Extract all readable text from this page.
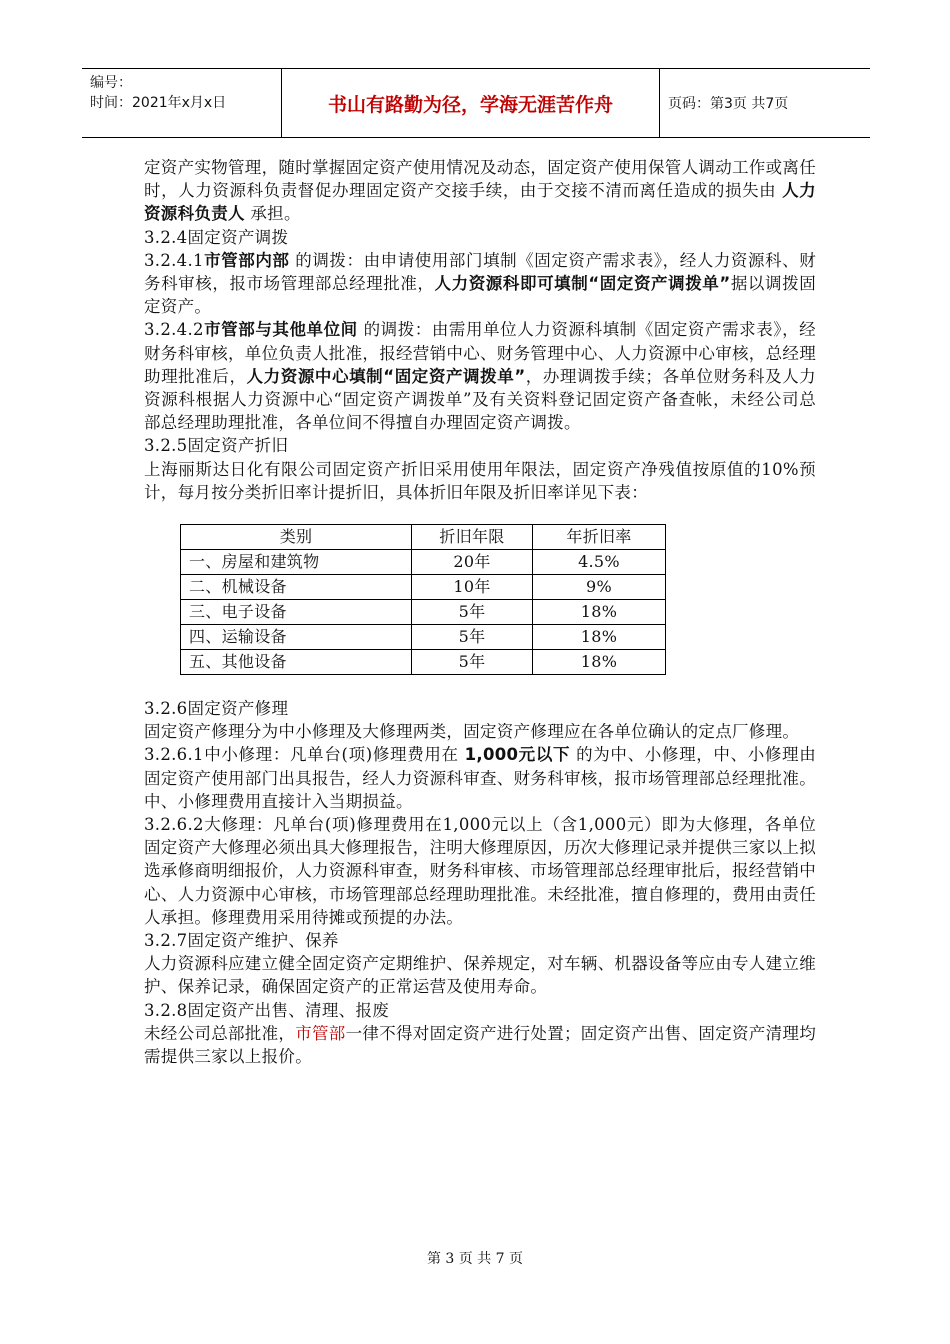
编号：
时间：2021年x月x日	书山有路勤为径，学海无涯苦作舟	页码：第3页 共7页

定资产实物管理，随时掌握固定资产使用情况及动态，固定资产使用保管人调动工作或离任时，人力资源科负责督促办理固定资产交接手续，由于交接不清而离任造成的损失由 人力资源科负责人 承担。

3.2.4固定资产调拨

3.2.4.1市管部内部 的调拨：由申请使用部门填制《固定资产需求表》，经人力资源科、财务科审核，报市场管理部总经理批准，人力资源科即可填制“固定资产调拨单”据以调拨固定资产。

3.2.4.2市管部与其他单位间 的调拨：由需用单位人力资源科填制《固定资产需求表》，经财务科审核，单位负责人批准，报经营销中心、财务管理中心、人力资源中心审核，总经理助理批准后，人力资源中心填制“固定资产调拨单”，办理调拨手续；各单位财务科及人力资源科根据人力资源中心“固定资产调拨单”及有关资料登记固定资产备查帐，未经公司总部总经理助理批准，各单位间不得擅自办理固定资产调拨。

3.2.5固定资产折旧

上海丽斯达日化有限公司固定资产折旧采用使用年限法，固定资产净残值按原值的10%预计，每月按分类折旧率计提折旧，具体折旧年限及折旧率详见下表：

类别	折旧年限	年折旧率
一、房屋和建筑物	20年	4.5%
二、机械设备	10年	9%
三、电子设备	5年	18%
四、运输设备	5年	18%
五、其他设备	5年	18%

3.2.6固定资产修理

固定资产修理分为中小修理及大修理两类，固定资产修理应在各单位确认的定点厂修理。

3.2.6.1中小修理：凡单台(项)修理费用在 1,000元以下 的为中、小修理，中、小修理由固定资产使用部门出具报告，经人力资源科审查、财务科审核，报市场管理部总经理批准。中、小修理费用直接计入当期损益。

3.2.6.2大修理：凡单台(项)修理费用在1,000元以上（含1,000元）即为大修理，各单位固定资产大修理必须出具大修理报告，注明大修理原因，历次大修理记录并提供三家以上拟选承修商明细报价，人力资源科审查，财务科审核、市场管理部总经理审批后，报经营销中心、人力资源中心审核，市场管理部总经理助理批准。未经批准，擅自修理的，费用由责任人承担。修理费用采用待摊或预提的办法。

3.2.7固定资产维护、保养

人力资源科应建立健全固定资产定期维护、保养规定，对车辆、机器设备等应由专人建立维护、保养记录，确保固定资产的正常运营及使用寿命。

3.2.8固定资产出售、清理、报废

未经公司总部批准，市管部一律不得对固定资产进行处置；固定资产出售、固定资产清理均需提供三家以上报价。

第 3 页 共 7 页
